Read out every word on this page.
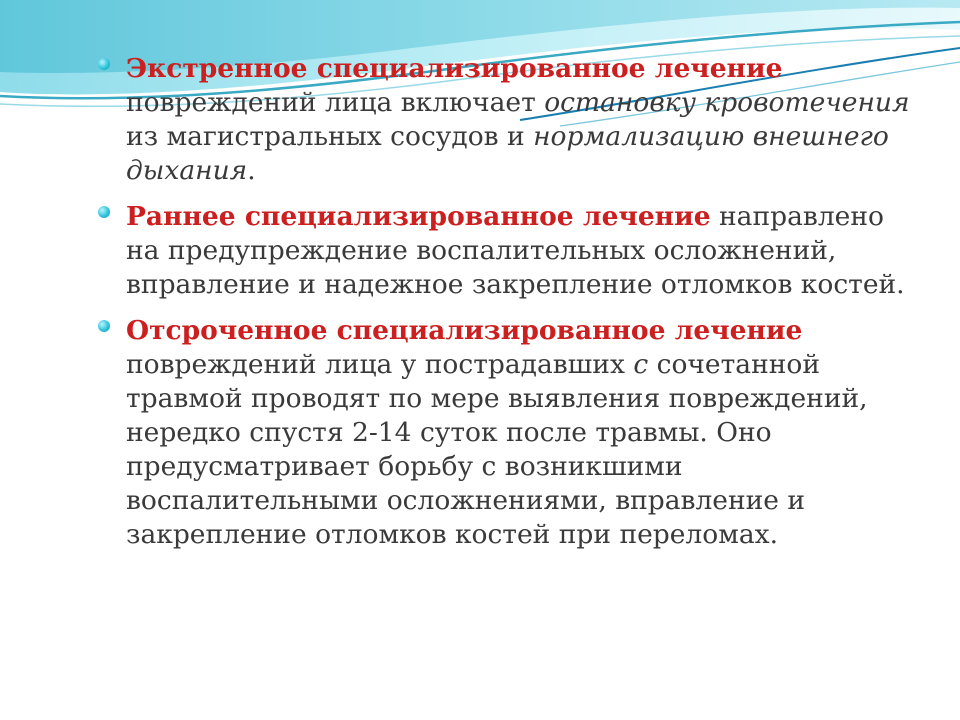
Экстренное специализированное лечение повреждений лица включает остановку кровотечения из магистральных сосудов и нормализацию внешнего дыхания.
Раннее специализированное лечение направлено на предупреждение воспалительных осложнений, вправление и надежное закрепление отломков костей.
Отсроченное специализированное лечение повреждений лица у пострадавших с сочетанной травмой проводят по мере выявления повреждений, нередко спустя 2-14 суток после травмы. Оно предусматривает борьбу с возникшими воспалительными осложнениями, вправление и закрепление отломков костей при переломах.
